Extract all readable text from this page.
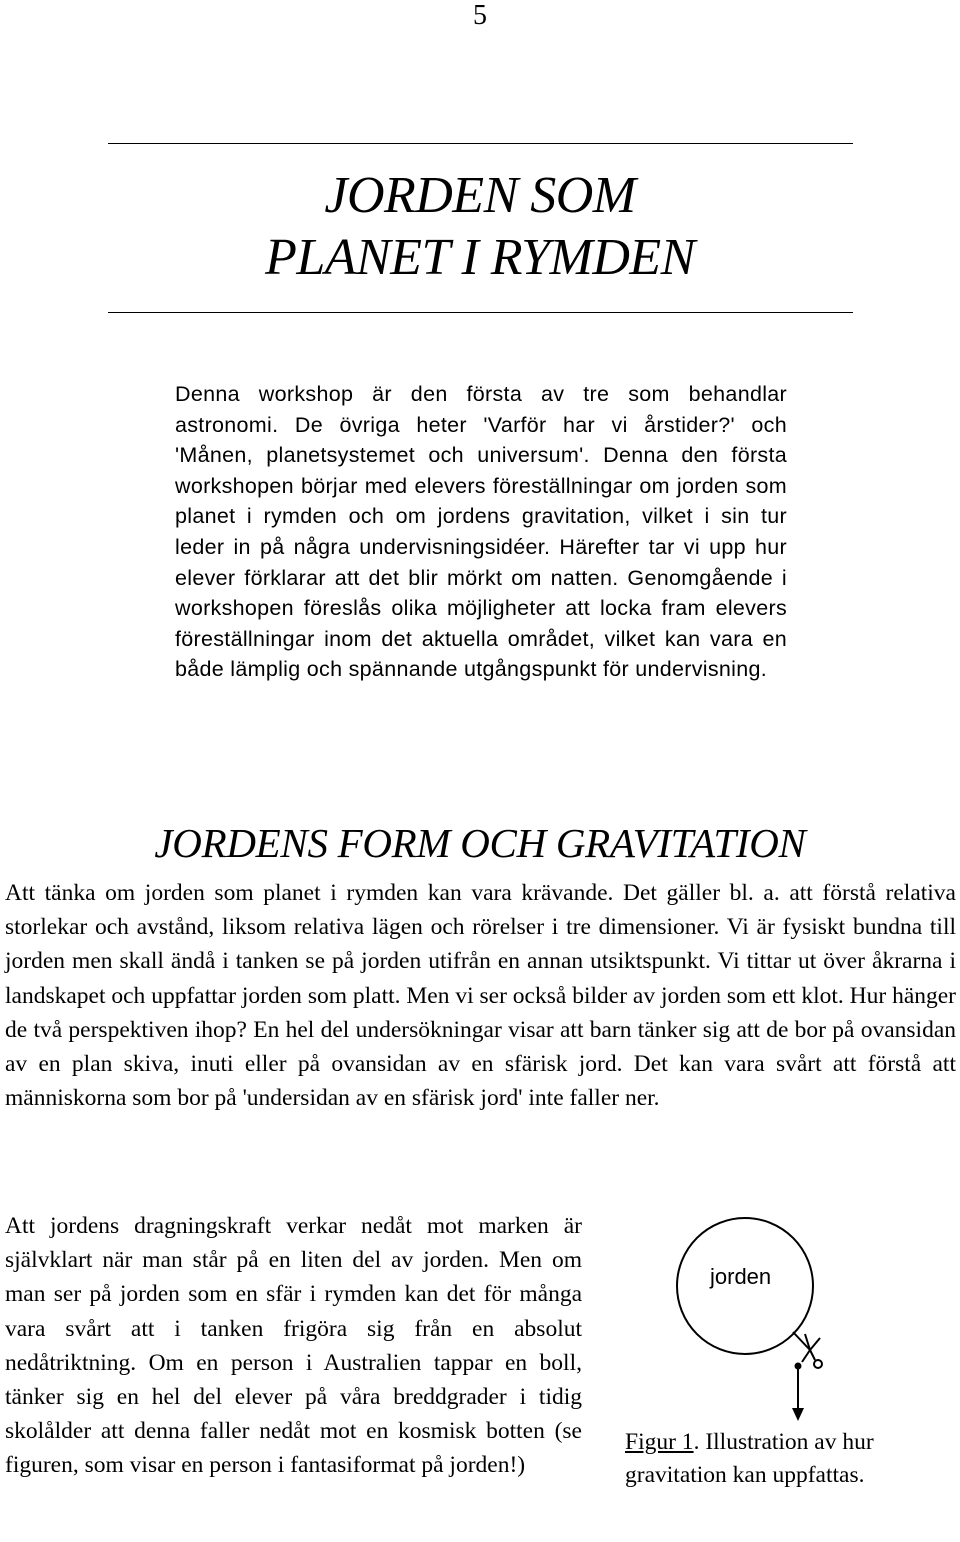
5
JORDEN SOM
PLANET I RYMDEN

Denna workshop är den första av tre som behandlar astronomi. De övriga heter 'Varför har vi årstider?' och 'Månen, planetsystemet och universum'. Denna den första workshopen börjar med elevers föreställningar om jorden som planet i rymden och om jordens gravitation, vilket i sin tur leder in på några undervisningsidéer. Härefter tar vi upp hur elever förklarar att det blir mörkt om natten. Genomgående i workshopen föreslås olika möjligheter att locka fram elevers föreställningar inom det aktuella området, vilket kan vara en både lämplig och spännande utgångspunkt för undervisning.

JORDENS FORM OCH GRAVITATION

Att tänka om jorden som planet i rymden kan vara krävande. Det gäller bl. a. att förstå relativa storlekar och avstånd, liksom relativa lägen och rörelser i tre dimensioner. Vi är fysiskt bundna till jorden men skall ändå i tanken se på jorden utifrån en annan utsiktspunkt. Vi tittar ut över åkrarna i landskapet och uppfattar jorden som platt. Men vi ser också bilder av jorden som ett klot. Hur hänger de två perspektiven ihop? En hel del undersökningar visar att barn tänker sig att de bor på ovansidan av en plan skiva, inuti eller på ovansidan av en sfärisk jord. Det kan vara svårt att förstå att människorna som bor på 'undersidan av en sfärisk jord' inte faller ner.

Att jordens dragningskraft verkar nedåt mot marken är självklart när man står på en liten del av jorden. Men om man ser på jorden som en sfär i rymden kan det för många vara svårt att i tanken frigöra sig från en absolut nedåtriktning. Om en person i Australien tappar en boll, tänker sig en hel del elever på våra breddgrader i tidig skolålder att denna faller nedåt mot en kosmisk botten (se figuren, som visar en person i fantasiformat på jorden!)

jorden

Figur 1. Illustration av hur gravitation kan uppfattas.
